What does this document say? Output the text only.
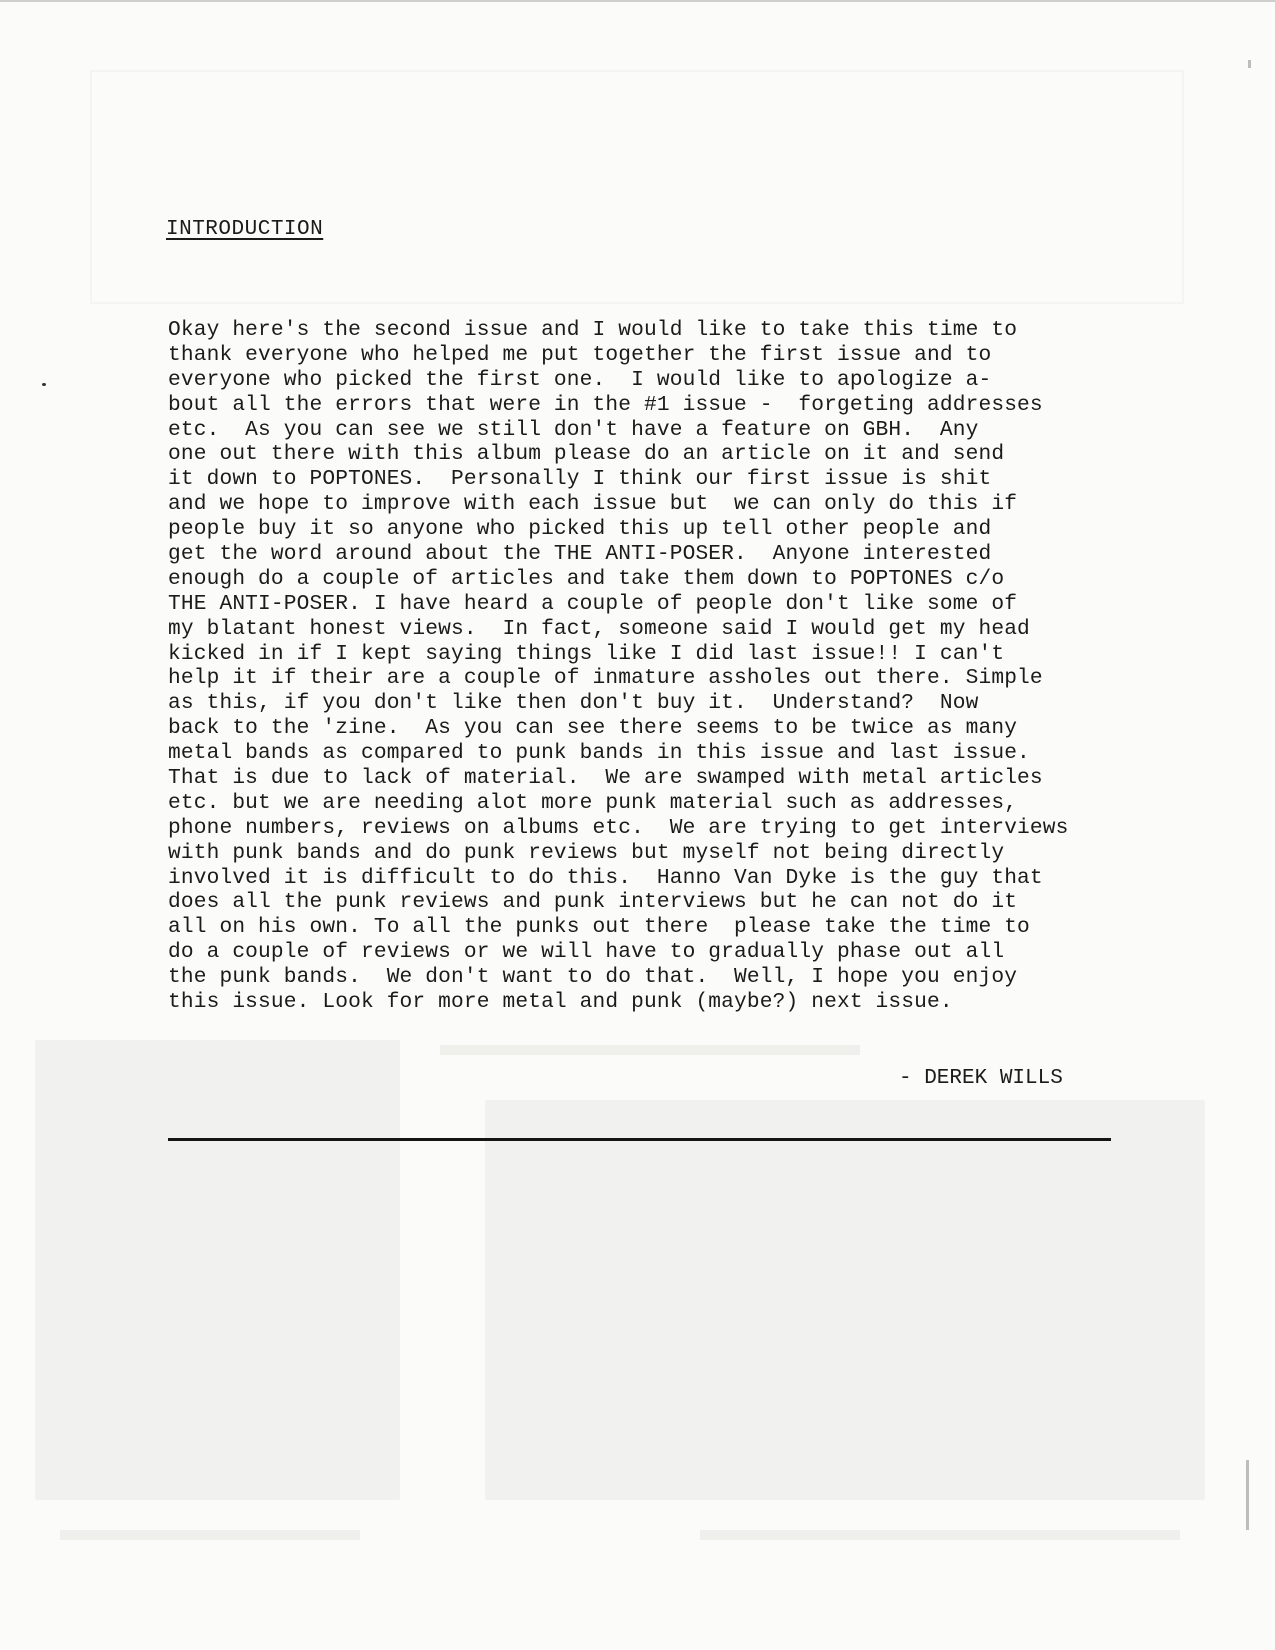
INTRODUCTION
Okay here's the second issue and I would like to take this time to
thank everyone who helped me put together the first issue and to
everyone who picked the first one.  I would like to apologize a-
bout all the errors that were in the #1 issue -  forgeting addresses
etc.  As you can see we still don't have a feature on GBH.  Any
one out there with this album please do an article on it and send
it down to POPTONES.  Personally I think our first issue is shit
and we hope to improve with each issue but  we can only do this if
people buy it so anyone who picked this up tell other people and
get the word around about the THE ANTI-POSER.  Anyone interested
enough do a couple of articles and take them down to POPTONES c/o
THE ANTI-POSER. I have heard a couple of people don't like some of
my blatant honest views.  In fact, someone said I would get my head
kicked in if I kept saying things like I did last issue!! I can't
help it if their are a couple of inmature assholes out there. Simple
as this, if you don't like then don't buy it.  Understand?  Now
back to the 'zine.  As you can see there seems to be twice as many
metal bands as compared to punk bands in this issue and last issue.
That is due to lack of material.  We are swamped with metal articles
etc. but we are needing alot more punk material such as addresses,
phone numbers, reviews on albums etc.  We are trying to get interviews
with punk bands and do punk reviews but myself not being directly
involved it is difficult to do this.  Hanno Van Dyke is the guy that
does all the punk reviews and punk interviews but he can not do it
all on his own. To all the punks out there  please take the time to
do a couple of reviews or we will have to gradually phase out all
the punk bands.  We don't want to do that.  Well, I hope you enjoy
this issue. Look for more metal and punk (maybe?) next issue.
- DEREK WILLS
